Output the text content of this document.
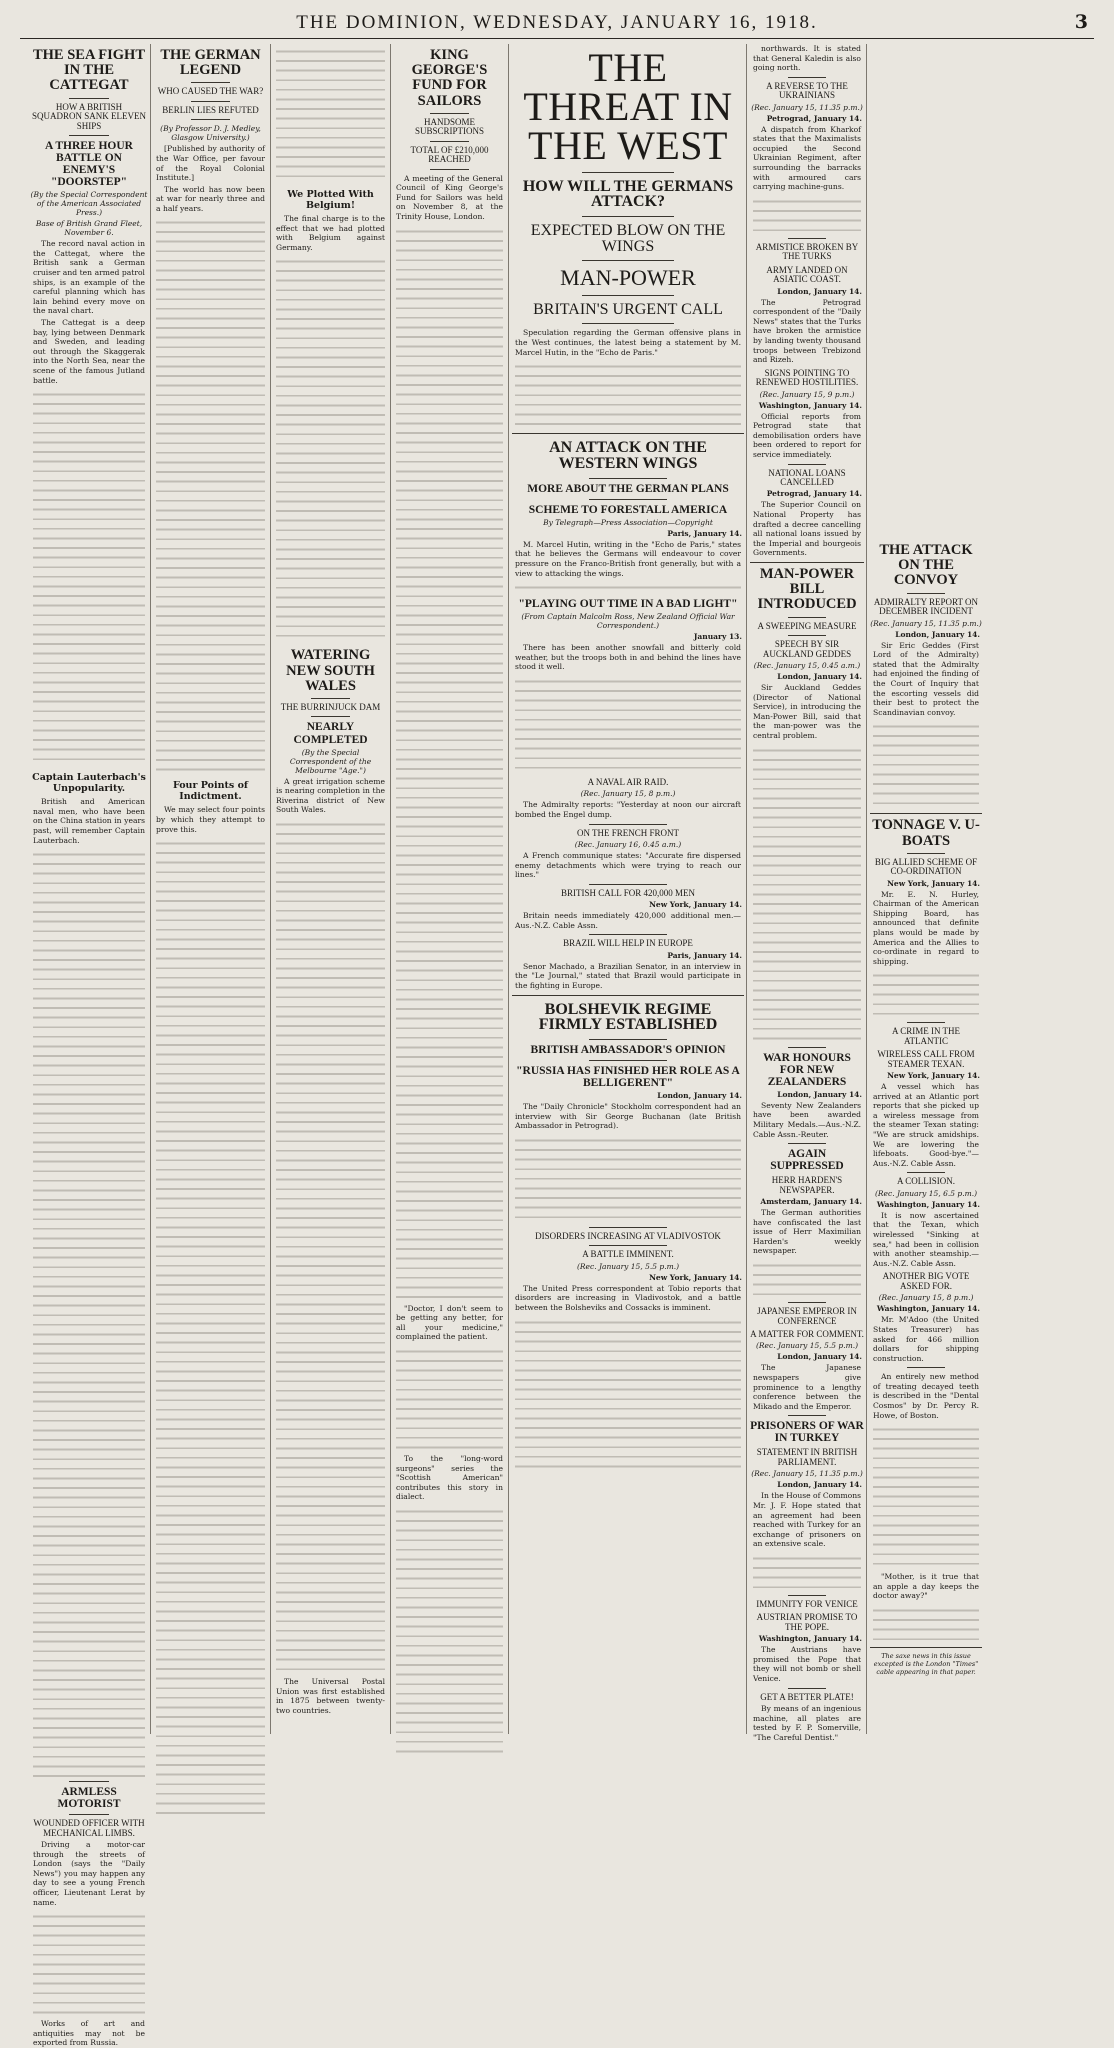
THE DOMINION, WEDNESDAY, JANUARY 16, 1918.	3
THE SEA FIGHT IN THE CATTEGAT
HOW A BRITISH SQUADRON SANK ELEVEN SHIPS
A THREE HOUR BATTLE ON ENEMY'S "DOORSTEP"
(By the Special Correspondent of the American Associated Press.)
Base of British Grand Fleet, November 6.

The record naval action in the Cattegat, where the British sank a German cruiser and ten armed patrol ships, is an example of the careful planning which has lain behind every move on the naval chart.

The Cattegat is a deep bay, lying between Denmark and Sweden, and leading out through the Skaggerak into the North Sea, near the scene of the famous Jutland battle.

Captain Lauterbach's Unpopularity.

British and American naval men, who have been on the China station in years past, will remember Captain Lauterbach.

ARMLESS MOTORIST
WOUNDED OFFICER WITH MECHANICAL LIMBS.

Driving a motor-car through the streets of London (says the "Daily News") you may happen any day to see a young French officer, Lieutenant Lerat by name.

Works of art and antiquities may not be exported from Russia.

THE GERMAN LEGEND
WHO CAUSED THE WAR?
BERLIN LIES REFUTED
(By Professor D. J. Medley, Glasgow University.)

[Published by authority of the War Office, per favour of the Royal Colonial Institute.]

The world has now been at war for nearly three and a half years.

Four Points of Indictment.

We may select four points by which they attempt to prove this.

We Plotted With Belgium!

The final charge is to the effect that we had plotted with Belgium against Germany.

WATERING NEW SOUTH WALES
THE BURRINJUCK DAM
NEARLY COMPLETED
(By the Special Correspondent of the Melbourne "Age.")

A great irrigation scheme is nearing completion in the Riverina district of New South Wales.

The Universal Postal Union was first established in 1875 between twenty-two countries.

KING GEORGE'S FUND FOR SAILORS
HANDSOME SUBSCRIPTIONS
TOTAL OF £210,000 REACHED

A meeting of the General Council of King George's Fund for Sailors was held on November 8, at the Trinity House, London.

"Doctor, I don't seem to be getting any better, for all your medicine," complained the patient.

To the "long-word surgeons" series the "Scottish American" contributes this story in dialect.

THE THREAT IN THE WEST
HOW WILL THE GERMANS ATTACK?
EXPECTED BLOW ON THE WINGS
MAN-POWER
BRITAIN'S URGENT CALL

Speculation regarding the German offensive plans in the West continues, the latest being a statement by M. Marcel Hutin, in the "Echo de Paris."

AN ATTACK ON THE WESTERN WINGS
MORE ABOUT THE GERMAN PLANS
SCHEME TO FORESTALL AMERICA
By Telegraph—Press Association—Copyright
Paris, January 14.

M. Marcel Hutin, writing in the "Echo de Paris," states that he believes the Germans will endeavour to cover pressure on the Franco-British front generally, but with a view to attacking the wings.

"PLAYING OUT TIME IN A BAD LIGHT"
(From Captain Malcolm Ross, New Zealand Official War Correspondent.)
January 13.

There has been another snowfall and bitterly cold weather, but the troops both in and behind the lines have stood it well.

A NAVAL AIR RAID.
(Rec. January 15, 8 p.m.)

The Admiralty reports: "Yesterday at noon our aircraft bombed the Engel dump.

ON THE FRENCH FRONT
(Rec. January 16, 0.45 a.m.)

A French communique states: "Accurate fire dispersed enemy detachments which were trying to reach our lines."

BRITISH CALL FOR 420,000 MEN
New York, January 14.

Britain needs immediately 420,000 additional men.—Aus.-N.Z. Cable Assn.

BRAZIL WILL HELP IN EUROPE
Paris, January 14.

Senor Machado, a Brazilian Senator, in an interview in the "Le Journal," stated that Brazil would participate in the fighting in Europe.

BOLSHEVIK REGIME FIRMLY ESTABLISHED
BRITISH AMBASSADOR'S OPINION
"RUSSIA HAS FINISHED HER ROLE AS A BELLIGERENT"
London, January 14.

The "Daily Chronicle" Stockholm correspondent had an interview with Sir George Buchanan (late British Ambassador in Petrograd).

DISORDERS INCREASING AT VLADIVOSTOK
A BATTLE IMMINENT.
(Rec. January 15, 5.5 p.m.)
New York, January 14.

The United Press correspondent at Tobio reports that disorders are increasing in Vladivostok, and a battle between the Bolsheviks and Cossacks is imminent.

northwards. It is stated that General Kaledin is also going north.

A REVERSE TO THE UKRAINIANS
(Rec. January 15, 11.35 p.m.)
Petrograd, January 14.

A dispatch from Kharkof states that the Maximalists occupied the Second Ukrainian Regiment, after surrounding the barracks with armoured cars carrying machine-guns.

ARMISTICE BROKEN BY THE TURKS
ARMY LANDED ON ASIATIC COAST.
London, January 14.

The Petrograd correspondent of the "Daily News" states that the Turks have broken the armistice by landing twenty thousand troops between Trebizond and Rizeh.

SIGNS POINTING TO RENEWED HOSTILITIES.
(Rec. January 15, 9 p.m.)
Washington, January 14.

Official reports from Petrograd state that demobilisation orders have been ordered to report for service immediately.

NATIONAL LOANS CANCELLED
Petrograd, January 14.

The Superior Council on National Property has drafted a decree cancelling all national loans issued by the Imperial and bourgeois Governments.

MAN-POWER BILL INTRODUCED
A SWEEPING MEASURE
SPEECH BY SIR AUCKLAND GEDDES
(Rec. January 15, 0.45 a.m.)
London, January 14.

Sir Auckland Geddes (Director of National Service), in introducing the Man-Power Bill, said that the man-power was the central problem.

WAR HONOURS FOR NEW ZEALANDERS
London, January 14.

Seventy New Zealanders have been awarded Military Medals.—Aus.-N.Z. Cable Assn.-Reuter.

AGAIN SUPPRESSED
HERR HARDEN'S NEWSPAPER.
Amsterdam, January 14.

The German authorities have confiscated the last issue of Herr Maximilian Harden's weekly newspaper.

JAPANESE EMPEROR IN CONFERENCE
A MATTER FOR COMMENT.
(Rec. January 15, 5.5 p.m.)
London, January 14.

The Japanese newspapers give prominence to a lengthy conference between the Mikado and the Emperor.

PRISONERS OF WAR IN TURKEY
STATEMENT IN BRITISH PARLIAMENT.
(Rec. January 15, 11.35 p.m.)
London, January 14.

In the House of Commons Mr. J. F. Hope stated that an agreement had been reached with Turkey for an exchange of prisoners on an extensive scale.

IMMUNITY FOR VENICE
AUSTRIAN PROMISE TO THE POPE.
Washington, January 14.

The Austrians have promised the Pope that they will not bomb or shell Venice.

GET A BETTER PLATE!

By means of an ingenious machine, all plates are tested by F. P. Somerville, "The Careful Dentist."

THE ATTACK ON THE CONVOY
ADMIRALTY REPORT ON DECEMBER INCIDENT
(Rec. January 15, 11.35 p.m.)
London, January 14.

Sir Eric Geddes (First Lord of the Admiralty) stated that the Admiralty had enjoined the finding of the Court of Inquiry that the escorting vessels did their best to protect the Scandinavian convoy.

TONNAGE V. U-BOATS
BIG ALLIED SCHEME OF CO-ORDINATION
New York, January 14.

Mr. E. N. Hurley, Chairman of the American Shipping Board, has announced that definite plans would be made by America and the Allies to co-ordinate in regard to shipping.

A CRIME IN THE ATLANTIC
WIRELESS CALL FROM STEAMER TEXAN.
New York, January 14.

A vessel which has arrived at an Atlantic port reports that she picked up a wireless message from the steamer Texan stating: "We are struck amidships. We are lowering the lifeboats. Good-bye."—Aus.-N.Z. Cable Assn.

A COLLISION.
(Rec. January 15, 6.5 p.m.)
Washington, January 14.

It is now ascertained that the Texan, which wirelessed "Sinking at sea," had been in collision with another steamship.—Aus.-N.Z. Cable Assn.

ANOTHER BIG VOTE ASKED FOR.
(Rec. January 15, 8 p.m.)
Washington, January 14.

Mr. M'Adoo (the United States Treasurer) has asked for 466 million dollars for shipping construction.

An entirely new method of treating decayed teeth is described in the "Dental Cosmos" by Dr. Percy R. Howe, of Boston.

"Mother, is it true that an apple a day keeps the doctor away?"

The saxe news in this issue excepted is the London "Times" cable appearing in that paper.
